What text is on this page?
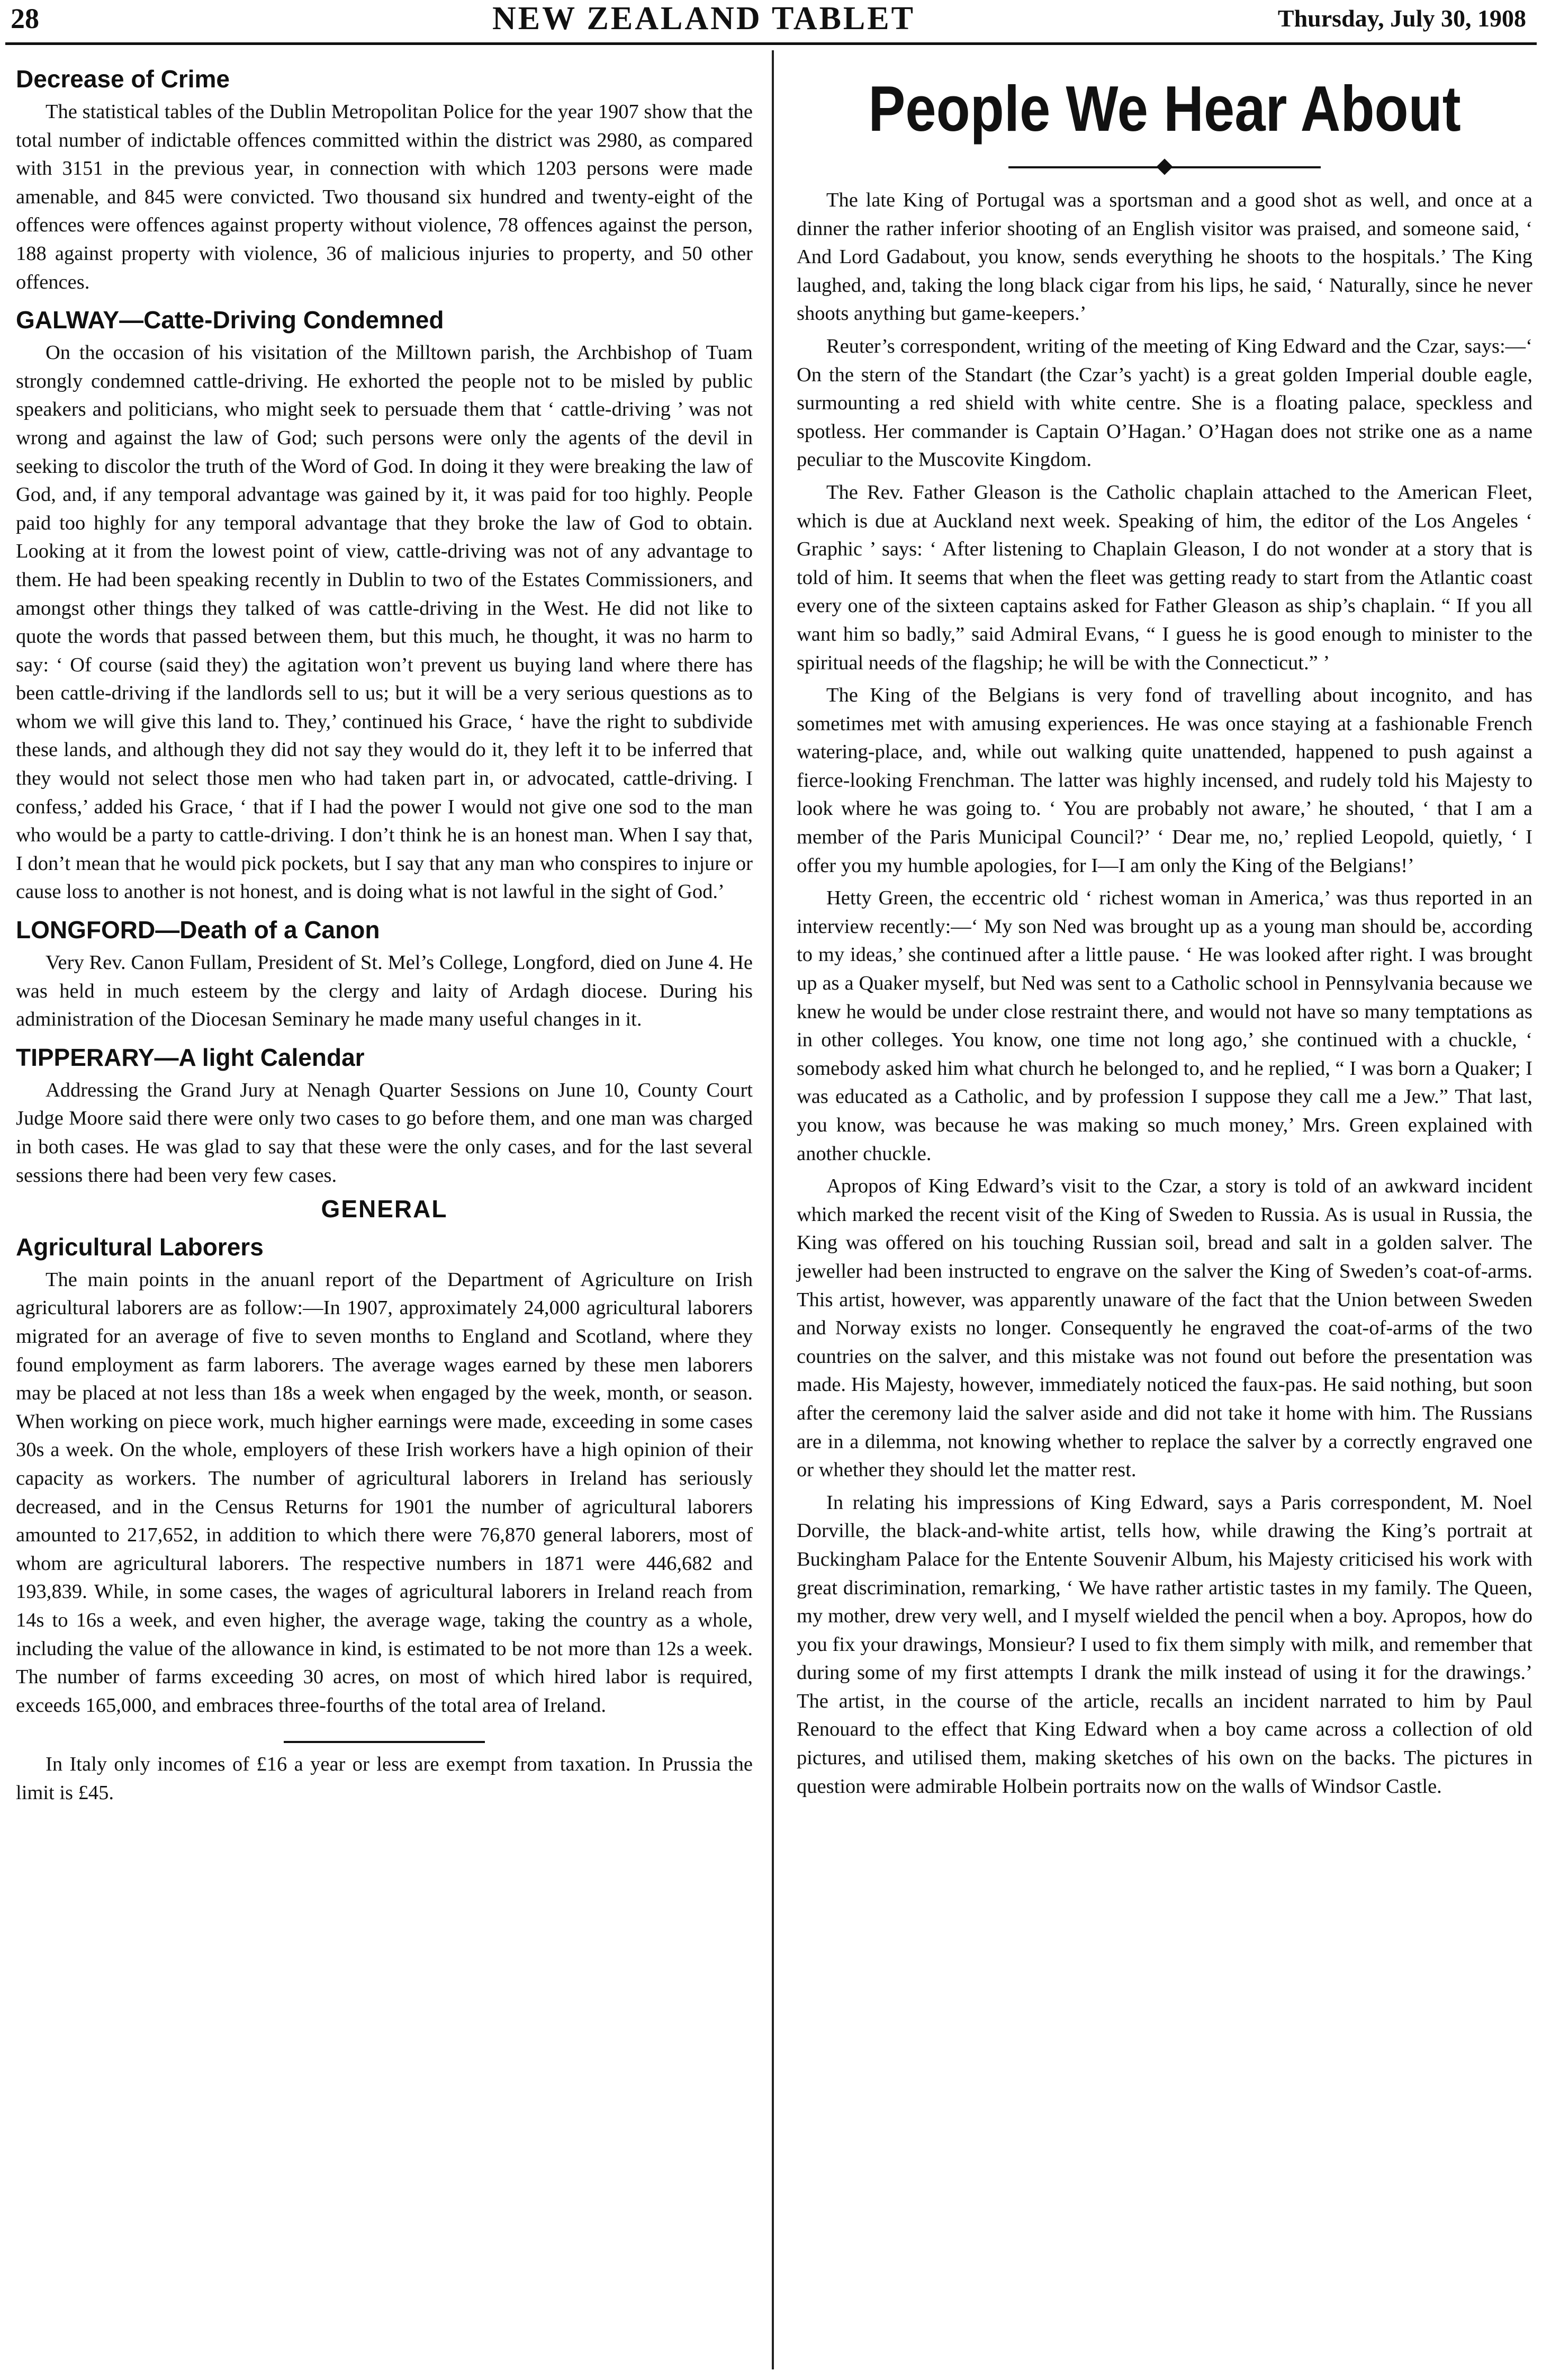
28	NEW ZEALAND TABLET	Thursday, July 30, 1908
Decrease of Crime

The statistical tables of the Dublin Metropolitan Police for the year 1907 show that the total number of indictable offences committed within the district was 2980, as compared with 3151 in the previous year, in connection with which 1203 persons were made amenable, and 845 were convicted. Two thousand six hundred and twenty-eight of the offences were offences against property without violence, 78 offences against the person, 188 against property with violence, 36 of malicious injuries to property, and 50 other offences.

GALWAY—Catte-Driving Condemned

On the occasion of his visitation of the Milltown parish, the Archbishop of Tuam strongly condemned cattle-driving. He exhorted the people not to be misled by public speakers and politicians, who might seek to persuade them that ‘ cattle-driving ’ was not wrong and against the law of God; such persons were only the agents of the devil in seeking to discolor the truth of the Word of God. In doing it they were breaking the law of God, and, if any temporal advantage was gained by it, it was paid for too highly. People paid too highly for any temporal advantage that they broke the law of God to obtain. Looking at it from the lowest point of view, cattle-driving was not of any advantage to them. He had been speaking recently in Dublin to two of the Estates Commissioners, and amongst other things they talked of was cattle-driving in the West. He did not like to quote the words that passed between them, but this much, he thought, it was no harm to say: ‘ Of course (said they) the agitation won’t prevent us buying land where there has been cattle-driving if the landlords sell to us; but it will be a very serious questions as to whom we will give this land to. They,’ continued his Grace, ‘ have the right to subdivide these lands, and although they did not say they would do it, they left it to be inferred that they would not select those men who had taken part in, or advocated, cattle-driving. I confess,’ added his Grace, ‘ that if I had the power I would not give one sod to the man who would be a party to cattle-driving. I don’t think he is an honest man. When I say that, I don’t mean that he would pick pockets, but I say that any man who conspires to injure or cause loss to another is not honest, and is doing what is not lawful in the sight of God.’

LONGFORD—Death of a Canon

Very Rev. Canon Fullam, President of St. Mel’s College, Longford, died on June 4. He was held in much esteem by the clergy and laity of Ardagh diocese. During his administration of the Diocesan Seminary he made many useful changes in it.

TIPPERARY—A light Calendar

Addressing the Grand Jury at Nenagh Quarter Sessions on June 10, County Court Judge Moore said there were only two cases to go before them, and one man was charged in both cases. He was glad to say that these were the only cases, and for the last several sessions there had been very few cases.

GENERAL
Agricultural Laborers

The main points in the anuanl report of the Department of Agriculture on Irish agricultural laborers are as follow:—In 1907, approximately 24,000 agricultural laborers migrated for an average of five to seven months to England and Scotland, where they found employment as farm laborers. The average wages earned by these men laborers may be placed at not less than 18s a week when engaged by the week, month, or season. When working on piece work, much higher earnings were made, exceeding in some cases 30s a week. On the whole, employers of these Irish workers have a high opinion of their capacity as workers. The number of agricultural laborers in Ireland has seriously decreased, and in the Census Returns for 1901 the number of agricultural laborers amounted to 217,652, in addition to which there were 76,870 general laborers, most of whom are agricultural laborers. The respective numbers in 1871 were 446,682 and 193,839. While, in some cases, the wages of agricultural laborers in Ireland reach from 14s to 16s a week, and even higher, the average wage, taking the country as a whole, including the value of the allowance in kind, is estimated to be not more than 12s a week. The number of farms exceeding 30 acres, on most of which hired labor is required, exceeds 165,000, and embraces three-fourths of the total area of Ireland.

In Italy only incomes of £16 a year or less are exempt from taxation. In Prussia the limit is £45.

People We Hear About

The late King of Portugal was a sportsman and a good shot as well, and once at a dinner the rather inferior shooting of an English visitor was praised, and someone said, ‘ And Lord Gadabout, you know, sends everything he shoots to the hospitals.’ The King laughed, and, taking the long black cigar from his lips, he said, ‘ Naturally, since he never shoots anything but game-keepers.’

Reuter’s correspondent, writing of the meeting of King Edward and the Czar, says:—‘ On the stern of the Standart (the Czar’s yacht) is a great golden Imperial double eagle, surmounting a red shield with white centre. She is a floating palace, speckless and spotless. Her commander is Captain O’Hagan.’ O’Hagan does not strike one as a name peculiar to the Muscovite Kingdom.

The Rev. Father Gleason is the Catholic chaplain attached to the American Fleet, which is due at Auckland next week. Speaking of him, the editor of the Los Angeles ‘ Graphic ’ says: ‘ After listening to Chaplain Gleason, I do not wonder at a story that is told of him. It seems that when the fleet was getting ready to start from the Atlantic coast every one of the sixteen captains asked for Father Gleason as ship’s chaplain. “ If you all want him so badly,” said Admiral Evans, “ I guess he is good enough to minister to the spiritual needs of the flagship; he will be with the Connecticut.” ’

The King of the Belgians is very fond of travelling about incognito, and has sometimes met with amusing experiences. He was once staying at a fashionable French watering-place, and, while out walking quite unattended, happened to push against a fierce-looking Frenchman. The latter was highly incensed, and rudely told his Majesty to look where he was going to. ‘ You are probably not aware,’ he shouted, ‘ that I am a member of the Paris Municipal Council?’ ‘ Dear me, no,’ replied Leopold, quietly, ‘ I offer you my humble apologies, for I—I am only the King of the Belgians!’

Hetty Green, the eccentric old ‘ richest woman in America,’ was thus reported in an interview recently:—‘ My son Ned was brought up as a young man should be, according to my ideas,’ she continued after a little pause. ‘ He was looked after right. I was brought up as a Quaker myself, but Ned was sent to a Catholic school in Pennsylvania because we knew he would be under close restraint there, and would not have so many temptations as in other colleges. You know, one time not long ago,’ she continued with a chuckle, ‘ somebody asked him what church he belonged to, and he replied, “ I was born a Quaker; I was educated as a Catholic, and by profession I suppose they call me a Jew.” That last, you know, was because he was making so much money,’ Mrs. Green explained with another chuckle.

Apropos of King Edward’s visit to the Czar, a story is told of an awkward incident which marked the recent visit of the King of Sweden to Russia. As is usual in Russia, the King was offered on his touching Russian soil, bread and salt in a golden salver. The jeweller had been instructed to engrave on the salver the King of Sweden’s coat-of-arms. This artist, however, was apparently unaware of the fact that the Union between Sweden and Norway exists no longer. Consequently he engraved the coat-of-arms of the two countries on the salver, and this mistake was not found out before the presentation was made. His Majesty, however, immediately noticed the faux-pas. He said nothing, but soon after the ceremony laid the salver aside and did not take it home with him. The Russians are in a dilemma, not knowing whether to replace the salver by a correctly engraved one or whether they should let the matter rest.

In relating his impressions of King Edward, says a Paris correspondent, M. Noel Dorville, the black-and-white artist, tells how, while drawing the King’s portrait at Buckingham Palace for the Entente Souvenir Album, his Majesty criticised his work with great discrimination, remarking, ‘ We have rather artistic tastes in my family. The Queen, my mother, drew very well, and I myself wielded the pencil when a boy. Apropos, how do you fix your drawings, Monsieur? I used to fix them simply with milk, and remember that during some of my first attempts I drank the milk instead of using it for the drawings.’ The artist, in the course of the article, recalls an incident narrated to him by Paul Renouard to the effect that King Edward when a boy came across a collection of old pictures, and utilised them, making sketches of his own on the backs. The pictures in question were admirable Holbein portraits now on the walls of Windsor Castle.
